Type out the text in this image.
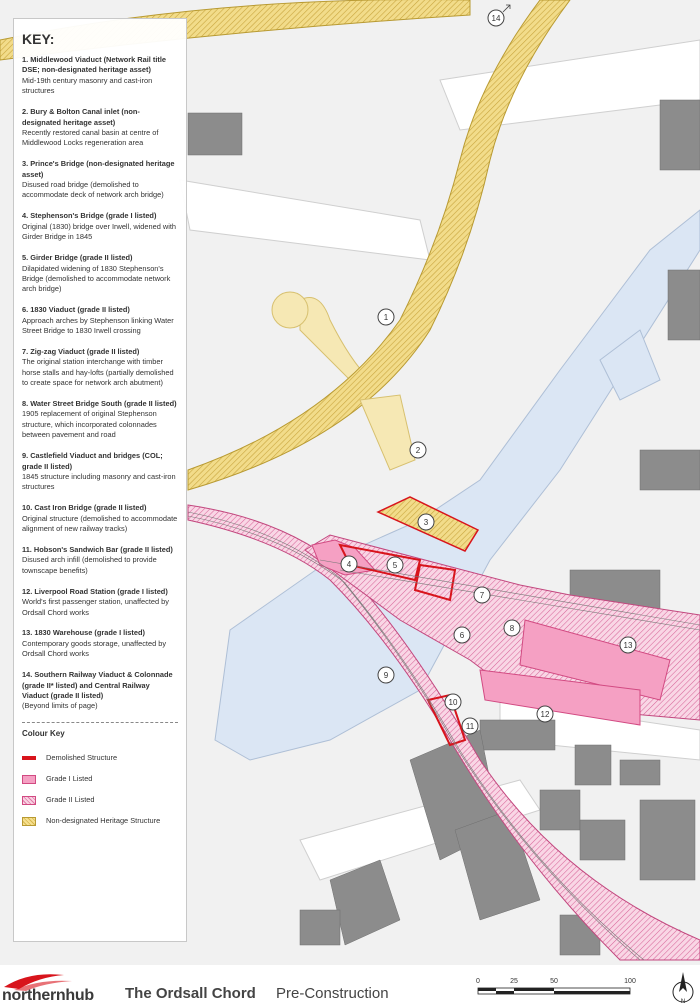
1
2
3
4	5
6
7
8
9
10
11
12
13
14
KEY:
1. Middlewood Viaduct (Network Rail title DSE; non-designated heritage asset)
Mid-19th century masonry and cast-iron structures
2. Bury & Bolton Canal inlet (non-designated heritage asset)
Recently restored canal basin at centre of Middlewood Locks regeneration area
3. Prince's Bridge (non-designated heritage asset)
Disused road bridge (demolished to accommodate deck of network arch bridge)
4. Stephenson's Bridge (grade I listed)
Original (1830) bridge over Irwell, widened with Girder Bridge in 1845
5. Girder Bridge (grade II listed)
Dilapidated widening of 1830 Stephenson's Bridge (demolished to accommodate network arch bridge)
6. 1830 Viaduct (grade II listed)
Approach arches by Stephenson linking Water Street Bridge to 1830 Irwell crossing
7. Zig-zag Viaduct (grade II listed)
The original station interchange with timber horse stalls and hay-lofts (partially demolished to create space for network arch abutment)
8. Water Street Bridge South (grade II listed)
1905 replacement of original Stephenson structure, which incorporated colonnades between pavement and road
9. Castlefield Viaduct and bridges (COL; grade II listed)
1845 structure including masonry and cast-iron structures
10. Cast Iron Bridge (grade II listed)
Original structure (demolished to accommodate alignment of new railway tracks)
11. Hobson's Sandwich Bar (grade II listed)
Disused arch infill (demolished to provide townscape benefits)
12. Liverpool Road Station (grade I listed)
World's first passenger station, unaffected by Ordsall Chord works
13. 1830 Warehouse (grade I listed)
Contemporary goods storage, unaffected by Ordsall Chord works
14. Southern Railway Viaduct & Colonnade (grade II* listed) and Central Railway Viaduct (grade II listed)
(Beyond limits of page)
Colour Key
Demolished Structure
Grade I Listed
Grade II Listed
Non-designated Heritage Structure
northernhub The Ordsall Chord Pre-Construction
0	25	50	100
N
